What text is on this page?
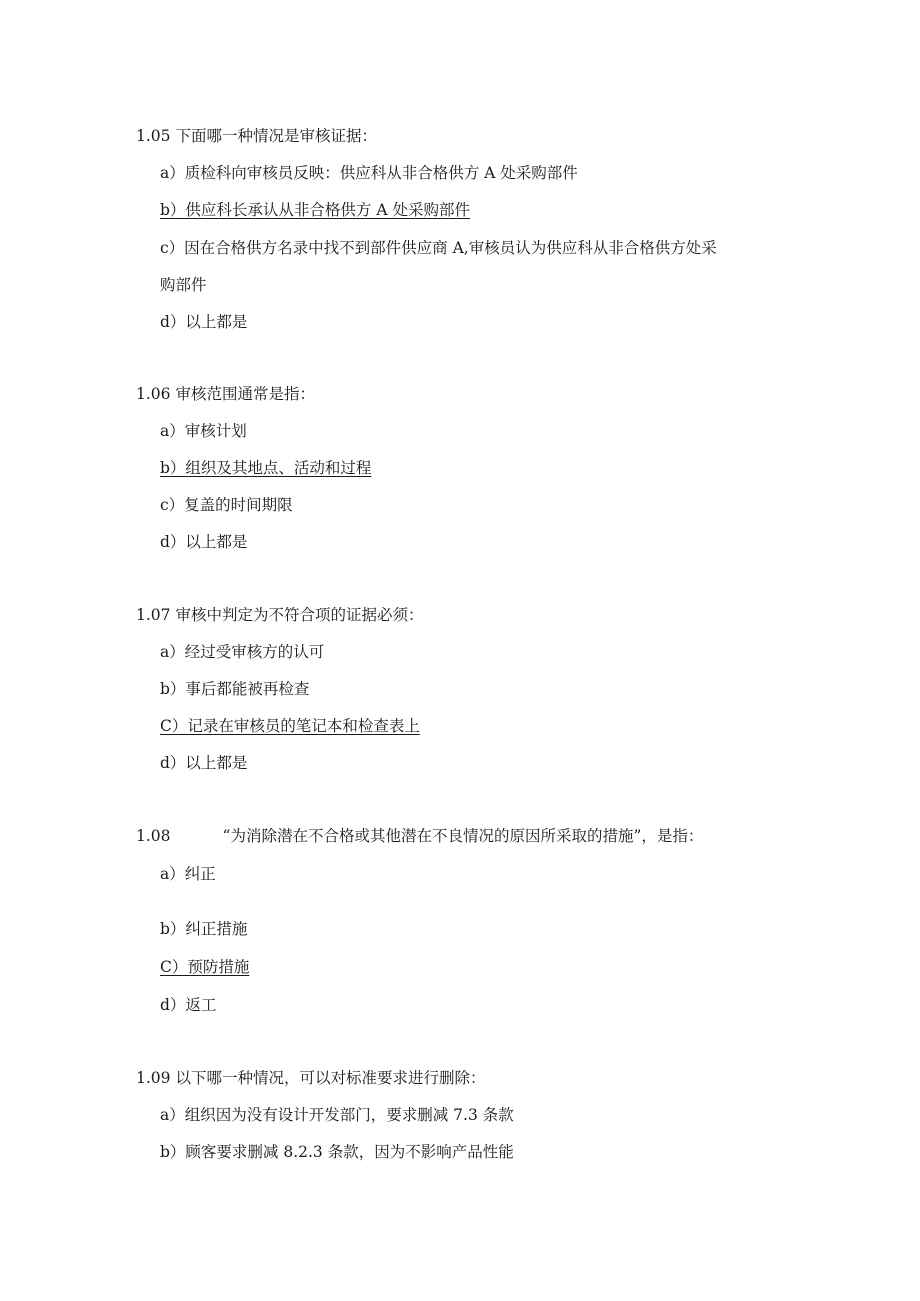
1.05 下面哪一种情况是审核证据：
a）质检科向审核员反映：供应科从非合格供方 A 处采购部件
b）供应科长承认从非合格供方 A 处采购部件
c）因在合格供方名录中找不到部件供应商 A,审核员认为供应科从非合格供方处采
购部件
d）以上都是
1.06 审核范围通常是指：
a）审核计划
b）组织及其地点、活动和过程
c）复盖的时间期限
d）以上都是
1.07 审核中判定为不符合项的证据必须：
a）经过受审核方的认可
b）事后都能被再检查
C）记录在审核员的笔记本和检查表上
d）以上都是
1.08	“为消除潜在不合格或其他潜在不良情况的原因所采取的措施”，是指：
a）纠正
b）纠正措施
C）预防措施
d）返工
1.09 以下哪一种情况，可以对标准要求进行删除：
a）组织因为没有设计开发部门，要求删减 7.3 条款
b）顾客要求删减 8.2.3 条款，因为不影响产品性能
